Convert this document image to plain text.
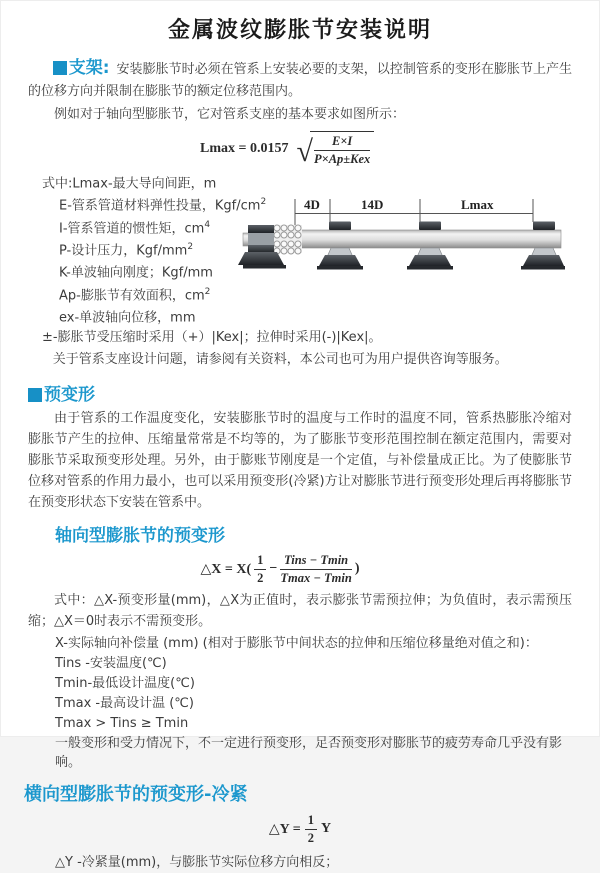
金属波纹膨胀节安装说明

支架: 安装膨胀节时必须在管系上安装必要的支架，以控制管系的变形在膨胀节上产生的位移方向并限制在膨胀节的额定位移范围内。

例如对于轴向型膨胀节，它对管系支座的基本要求如图所示：

Lmax = 0.0157 √ $\frac{E\times I}{\text{P×Ap±Kex}}$
式中:Lmax-最大导向间距，m
E-管系管道材料弹性投量，Kgf/$cm^2$
I-管系管道的惯性矩，$cm^4$
P-设计压力，Kgf/$mm^2$
K-单波轴向刚度；Kgf/mm
Ap-膨胀节有效面积，$cm^2$
ex-单波轴向位移，mm

±-膨胀节受压缩时采用（+）|Kex|；拉伸时采用(-)|Kex|。

关于管系支座设计问题，请参阅有关资料，本公司也可为用户提供咨询等服务。

4D	14D	Lmax
预变形

由于管系的工作温度变化，安装膨胀节时的温度与工作时的温度不同，管系热膨胀冷缩对膨胀节产生的拉伸、压缩量常常是不均等的，为了膨胀节变形范围控制在额定范围内，需要对膨胀节采取预变形处理。另外，由于膨账节刚度是一个定值，与补偿量成正比。为了使膨胀节位移对管系的作用力最小，也可以采用预变形(冷紧)方让对膨胀节进行预变形处理后再将膨胀节在预变形状态下安装在管系中。

轴向型膨胀节的预变形
△X = $X( \frac{1}{2} - \frac{\text{Tins − Tmin}}{Tmax - Tmin}$ )

式中：△X-预变形量(mm)，△X为正值时，表示膨张节需预拉伸；为负值时，表示需预压缩；△X＝0时表示不需预变形。

X-实际轴向补偿量 (mm) (相对于膨胀节中间状态的拉伸和压缩位移量绝对值之和)：
Tins -安装温度(℃)
Tmin-最低设计温度(℃)
Tmax -最高设计温 (℃)
Tmax > Tins ≥ Tmin
一般变形和受力情况下，不一定进行预变形，足否预变形对膨胀节的疲劳寿命几乎没有影响。
横向型膨胀节的预变形-冷紧
△Y = $\frac{1}{2}$ Y

△Y -冷紧量(mm)，与膨胀节实际位移方向相反；
